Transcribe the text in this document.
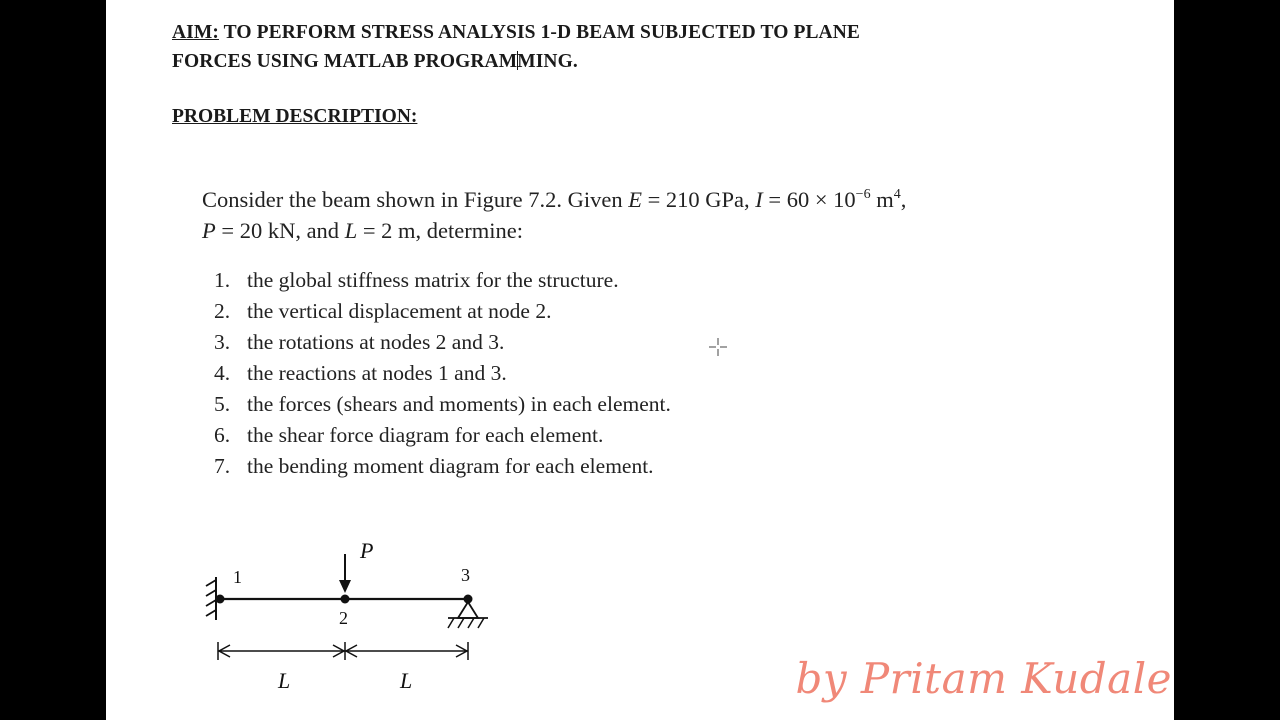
AIM: TO PERFORM STRESS ANALYSIS 1-D BEAM SUBJECTED TO PLANE
FORCES USING MATLAB PROGRAMMING.
PROBLEM DESCRIPTION:
Consider the beam shown in Figure 7.2. Given E = 210 GPa, $I = 60 \times 10^{-6}$ $m^4$,
P = 20 kN, and L = 2 m, determine:
1. the global stiffness matrix for the structure.
2. the vertical displacement at node 2.
3. the rotations at nodes 2 and 3.
4. the reactions at nodes 1 and 3.
5. the forces (shears and moments) in each element.
6. the shear force diagram for each element.
7. the bending moment diagram for each element.
P
1
2
3
L	L	by Pritam Kudale
